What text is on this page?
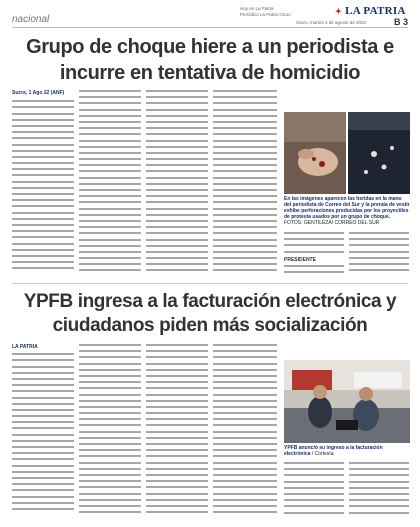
nacional
Hoy en La Patria
Periódico La Patria Oruro
Oruro, martes 2 de agosto de 2022
✦ LA PATRIA
B 3
Grupo de choque hiere a un periodista e incurre en tentativa de homicidio
Sucre, 1 Ago 22 (ANF)
En las imágenes aparecen las heridas en la mano del periodista de Correo del Sur y la prenda de vestir exhibe perforaciones producidas por los proyectiles de protesta usados por un grupo de choque. FOTOS: GENTILEZA/ CORREO DEL SUR
PRESIDENTE
YPFB ingresa a la facturación electrónica y ciudadanos piden más socialización
LA PATRIA
YPFB anunció su ingreso a la facturación electrónica / Cortesía
